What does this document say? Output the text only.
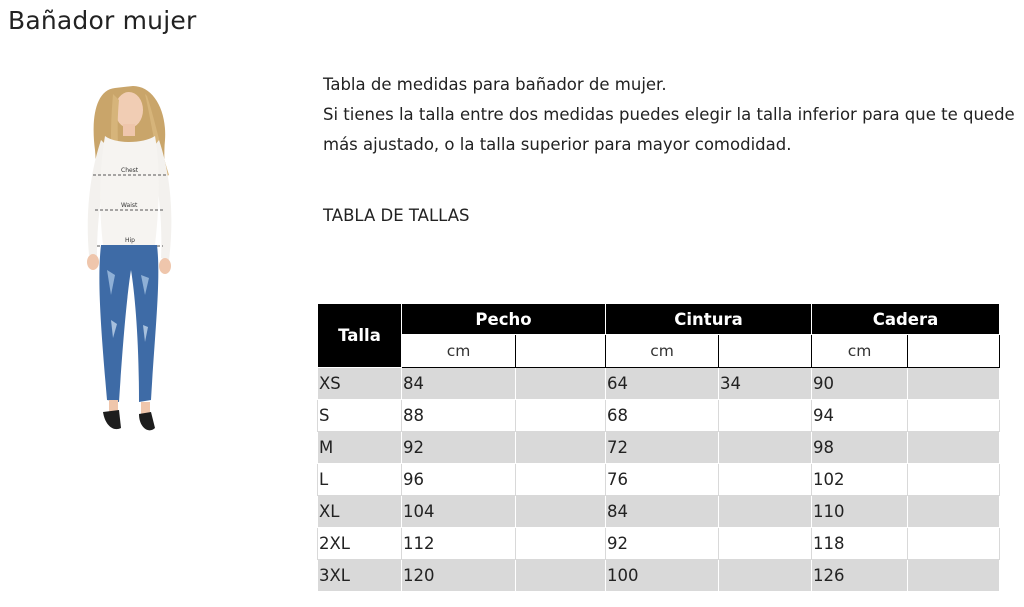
Bañador mujer
Chest
Waist
Hip

Tabla de medidas para bañador de mujer.

Si tienes la talla entre dos medidas puedes elegir la talla inferior para que te quede más ajustado, o la talla superior para mayor comodidad.

TABLA DE TALLAS
Talla	Pecho		Cintura		Cadera	
	cm		cm		cm	
XS	84		64	34	90	
S	88		68		94	
M	92		72		98	
L	96		76		102	
XL	104		84		110	
2XL	112		92		118	
3XL	120		100		126	
